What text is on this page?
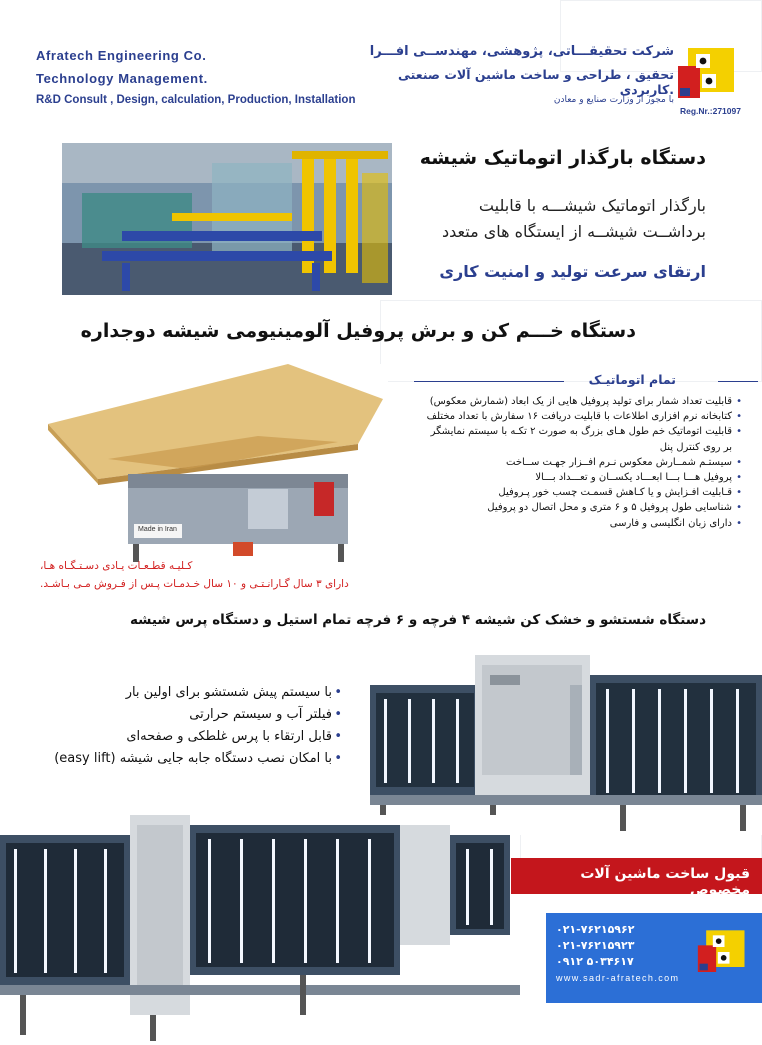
Afratech Engineering Co.
Technology Management.
R&D Consult , Design, calculation, Production, Installation
شرکت تحقیقـــاتی، پژوهشی، مهندســی افـــرا
تحقیق ، طراحی و ساخت ماشین آلات صنعتی .کاربردی
با مجوز از وزارت صنایع و معادن
Reg.Nr.:271097
دستگاه بارگذار اتوماتیک شیشه
بارگذار اتوماتیک شیشـــه با قابلیت
برداشــت شیشــه از ایستگاه های متعدد
ارتقای سرعت تولید و امنیت کاری
دستگاه خـــم کن و برش پروفیل آلومینیومی شیشه دوجداره
Made in Iran
کـلیـه قطـعـات یـادی دسـتـگـاه هـا،
دارای ۳ سال گـارانـتـی و ۱۰ سال خـدمـات پـس از فـروش مـی بـاشـد.
تمام اتوماتیـک
• قابلیت تعداد شمار برای تولید پروفیل هایی از یک ابعاد (شمارش معکوس)
• کتابخانه نرم افزاری اطلاعات با قابلیت دریافت ۱۶ سفارش با تعداد مختلف
• قابلیت اتوماتیک خم طول هـای بزرگ به صورت ۲ تکـه با سیستم نمایشگر بر روی کنترل پنل
• سیستـم شمــارش معکوس نـرم افــزار جهـت ســاخت
• پروفیل هـــا بـــا ابعـــاد یکســان و تعـــداد بـــالا
• قـابلیت افـزایش و یا کـاهش قسمـت چسب خور پـروفیل
• شناسایی طول پروفیل ۵ و ۶ متری و محل اتصال دو پروفیل
• دارای زبان انگلیسی و فارسی
دستگاه شستشو و خشک کن شیشه ۴ فرچه و ۶ فرچه تمام استیل و دستگاه پرس شیشه
• با سیستم پیش شستشو برای اولین بار
• فیلتر آب و سیستم حرارتی
• قابل ارتقاء با پرس غلطکی و صفحه‌ای
• با امکان نصب دستگاه جابه جایی شیشه (easy lift)
قبول ساخت ماشین آلات مخصوص
۰۲۱-۷۶۲۱۵۹۶۲
۰۲۱-۷۶۲۱۵۹۲۳
۰۹۱۲ ۵۰۳۴۶۱۷
www.sadr-afratech.com
